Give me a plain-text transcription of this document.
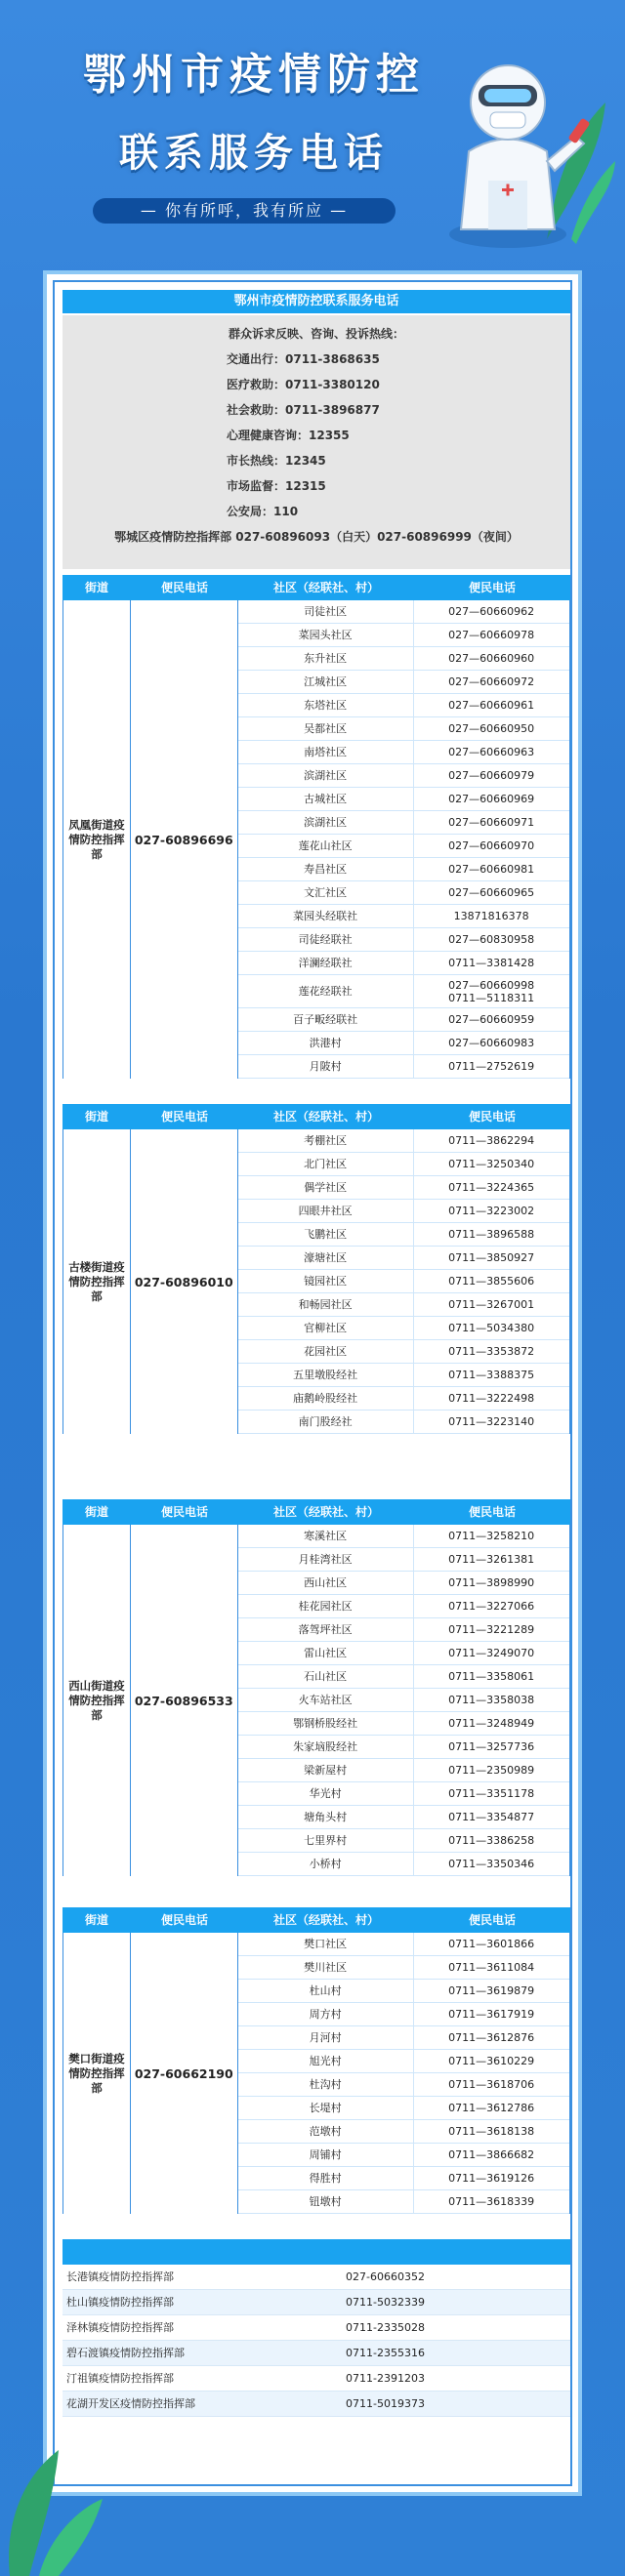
鄂州市疫情防控
联系服务电话
— 你有所呼，我有所应 —
鄂州市疫情防控联系服务电话
群众诉求反映、咨询、投诉热线：
交通出行：0711-3868635
医疗救助：0711-3380120
社会救助：0711-3896877
心理健康咨询：12355
市长热线：12345
市场监督：12315
公安局：110
鄂城区疫情防控指挥部 027-60896093（白天）027-60896999（夜间）
街道	便民电话	社区（经联社、村）	便民电话
凤凰街道疫情防控指挥部
027-60896696
司徒社区	027—60660962
菜园头社区	027—60660978
东升社区	027—60660960
江城社区	027—60660972
东塔社区	027—60660961
吴都社区	027—60660950
南塔社区	027—60660963
滨湖社区	027—60660979
古城社区	027—60660969
滨湖社区	027—60660971
莲花山社区	027—60660970
寿昌社区	027—60660981
文汇社区	027—60660965
菜园头经联社	13871816378
司徒经联社	027—60830958
洋澜经联社	0711—3381428
莲花经联社	027—60660998
0711—5118311
百子畈经联社	027—60660959
洪港村	027—60660983
月陂村	0711—2752619
街道	便民电话	社区（经联社、村）	便民电话
古楼街道疫情防控指挥部
027-60896010
考棚社区	0711—3862294
北门社区	0711—3250340
偶学社区	0711—3224365
四眼井社区	0711—3223002
飞鹏社区	0711—3896588
濠塘社区	0711—3850927
镜园社区	0711—3855606
和畅园社区	0711—3267001
官柳社区	0711—5034380
花园社区	0711—3353872
五里墩股经社	0711—3388375
庙鹅岭股经社	0711—3222498
南门股经社	0711—3223140
街道	便民电话	社区（经联社、村）	便民电话
西山街道疫情防控指挥部
027-60896533
寒溪社区	0711—3258210
月桂湾社区	0711—3261381
西山社区	0711—3898990
桂花园社区	0711—3227066
落驾坪社区	0711—3221289
雷山社区	0711—3249070
石山社区	0711—3358061
火车站社区	0711—3358038
鄂钢桥股经社	0711—3248949
朱家垴股经社	0711—3257736
梁新屋村	0711—2350989
华光村	0711—3351178
塘角头村	0711—3354877
七里界村	0711—3386258
小桥村	0711—3350346
街道	便民电话	社区（经联社、村）	便民电话
樊口街道疫情防控指挥部
027-60662190
樊口社区	0711—3601866
樊川社区	0711—3611084
杜山村	0711—3619879
周方村	0711—3617919
月河村	0711—3612876
旭光村	0711—3610229
杜沟村	0711—3618706
长堤村	0711—3612786
范墩村	0711—3618138
周铺村	0711—3866682
得胜村	0711—3619126
钮墩村	0711—3618339
长港镇疫情防控指挥部	027-60660352
杜山镇疫情防控指挥部	0711-5032339
泽林镇疫情防控指挥部	0711-2335028
碧石渡镇疫情防控指挥部	0711-2355316
汀祖镇疫情防控指挥部	0711-2391203
花湖开发区疫情防控指挥部	0711-5019373
